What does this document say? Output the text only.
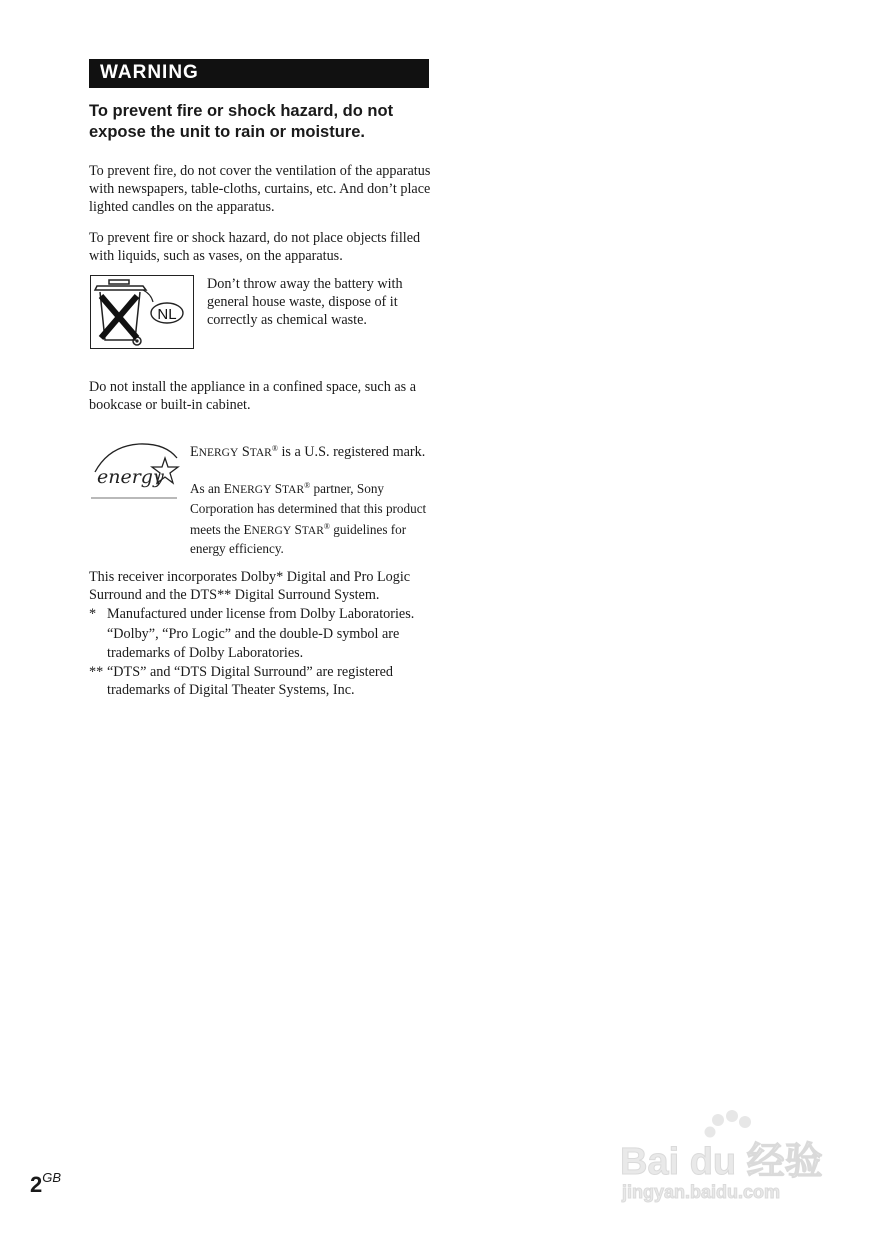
WARNING
To prevent fire or shock hazard, do not expose the unit to rain or moisture.
To prevent fire, do not cover the ventilation of the apparatus with newspapers, table-cloths, curtains, etc. And don’t place lighted candles on the apparatus.
To prevent fire or shock hazard, do not place objects filled with liquids, such as vases, on the apparatus.
NL
Don’t throw away the battery with general house waste, dispose of it correctly as chemical waste.
Do not install the appliance in a confined space, such as a bookcase or built-in cabinet.
energy
ENERGY STAR® is a U.S. registered mark.
As an ENERGY STAR® partner, Sony Corporation has determined that this product meets the ENERGY STAR® guidelines for energy efficiency.
This receiver incorporates Dolby* Digital and Pro Logic Surround and the DTS** Digital Surround System.
* Manufactured under license from Dolby Laboratories.

“Dolby”, “Pro Logic” and the double-D symbol are trademarks of Dolby Laboratories.

** “DTS” and “DTS Digital Surround” are registered trademarks of Digital Theater Systems, Inc.

$2^{GB}$	Bai du 经验
jingyan.baidu.com
